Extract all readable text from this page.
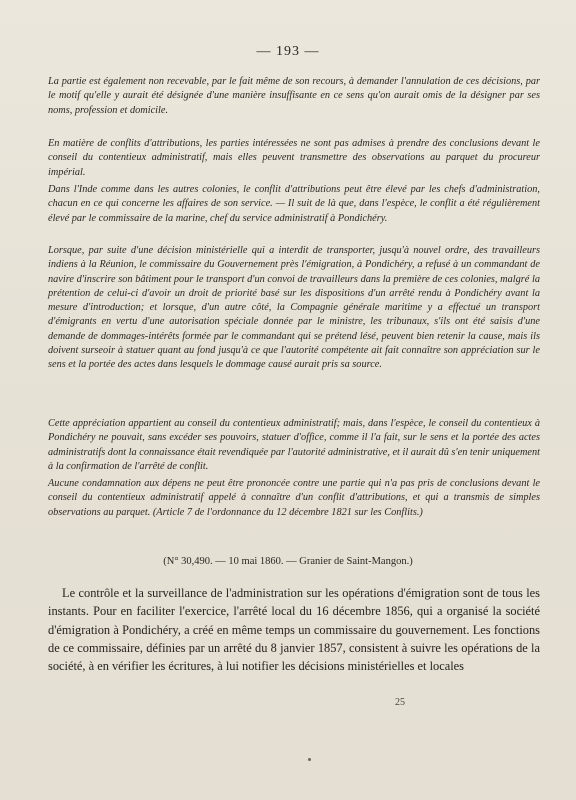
— 193 —

La partie est également non recevable, par le fait même de son recours, à demander l'annulation de ces décisions, par le motif qu'elle y aurait été désignée d'une manière insuffisante en ce sens qu'on aurait omis de la désigner par ses noms, profession et domicile.

En matière de conflits d'attributions, les parties intéressées ne sont pas admises à prendre des conclusions devant le conseil du contentieux administratif, mais elles peuvent transmettre des observations au parquet du procureur impérial.

Dans l'Inde comme dans les autres colonies, le conflit d'attributions peut être élevé par les chefs d'administration, chacun en ce qui concerne les affaires de son service. — Il suit de là que, dans l'espèce, le conflit a été régulièrement élevé par le commissaire de la marine, chef du service administratif à Pondichéry.

Lorsque, par suite d'une décision ministérielle qui a interdit de transporter, jusqu'à nouvel ordre, des travailleurs indiens à la Réunion, le commissaire du Gouvernement près l'émigration, à Pondichéry, a refusé à un commandant de navire d'inscrire son bâtiment pour le transport d'un convoi de travailleurs dans la première de ces colonies, malgré la prétention de celui-ci d'avoir un droit de priorité basé sur les dispositions d'un arrêté rendu à Pondichéry avant la mesure d'introduction; et lorsque, d'un autre côté, la Compagnie générale maritime y a effectué un transport d'émigrants en vertu d'une autorisation spéciale donnée par le ministre, les tribunaux, s'ils ont été saisis d'une demande de dommages-intérêts formée par le commandant qui se prétend lésé, peuvent bien retenir la cause, mais ils doivent surseoir à statuer quant au fond jusqu'à ce que l'autorité compétente ait fait connaître son appréciation sur le sens et la portée des actes dans lesquels le dommage causé aurait pris sa source.

Cette appréciation appartient au conseil du contentieux administratif; mais, dans l'espèce, le conseil du contentieux à Pondichéry ne pouvait, sans excéder ses pouvoirs, statuer d'office, comme il l'a fait, sur le sens et la portée des actes administratifs dont la connaissance était revendiquée par l'autorité administrative, et il aurait dû s'en tenir uniquement à la confirmation de l'arrêté de conflit.

Aucune condamnation aux dépens ne peut être prononcée contre une partie qui n'a pas pris de conclusions devant le conseil du contentieux administratif appelé à connaître d'un conflit d'attributions, et qui a transmis de simples observations au parquet. (Article 7 de l'ordonnance du 12 décembre 1821 sur les Conflits.)

(N° 30,490. — 10 mai 1860. — Granier de Saint-Mangon.)

Le contrôle et la surveillance de l'administration sur les opérations d'émigration sont de tous les instants. Pour en faciliter l'exercice, l'arrêté local du 16 décembre 1856, qui a organisé la société d'émigration à Pondichéry, a créé en même temps un commissaire du gouvernement. Les fonctions de ce commissaire, définies par un arrêté du 8 janvier 1857, consistent à suivre les opérations de la société, à en vérifier les écritures, à lui notifier les décisions ministérielles et locales

25
